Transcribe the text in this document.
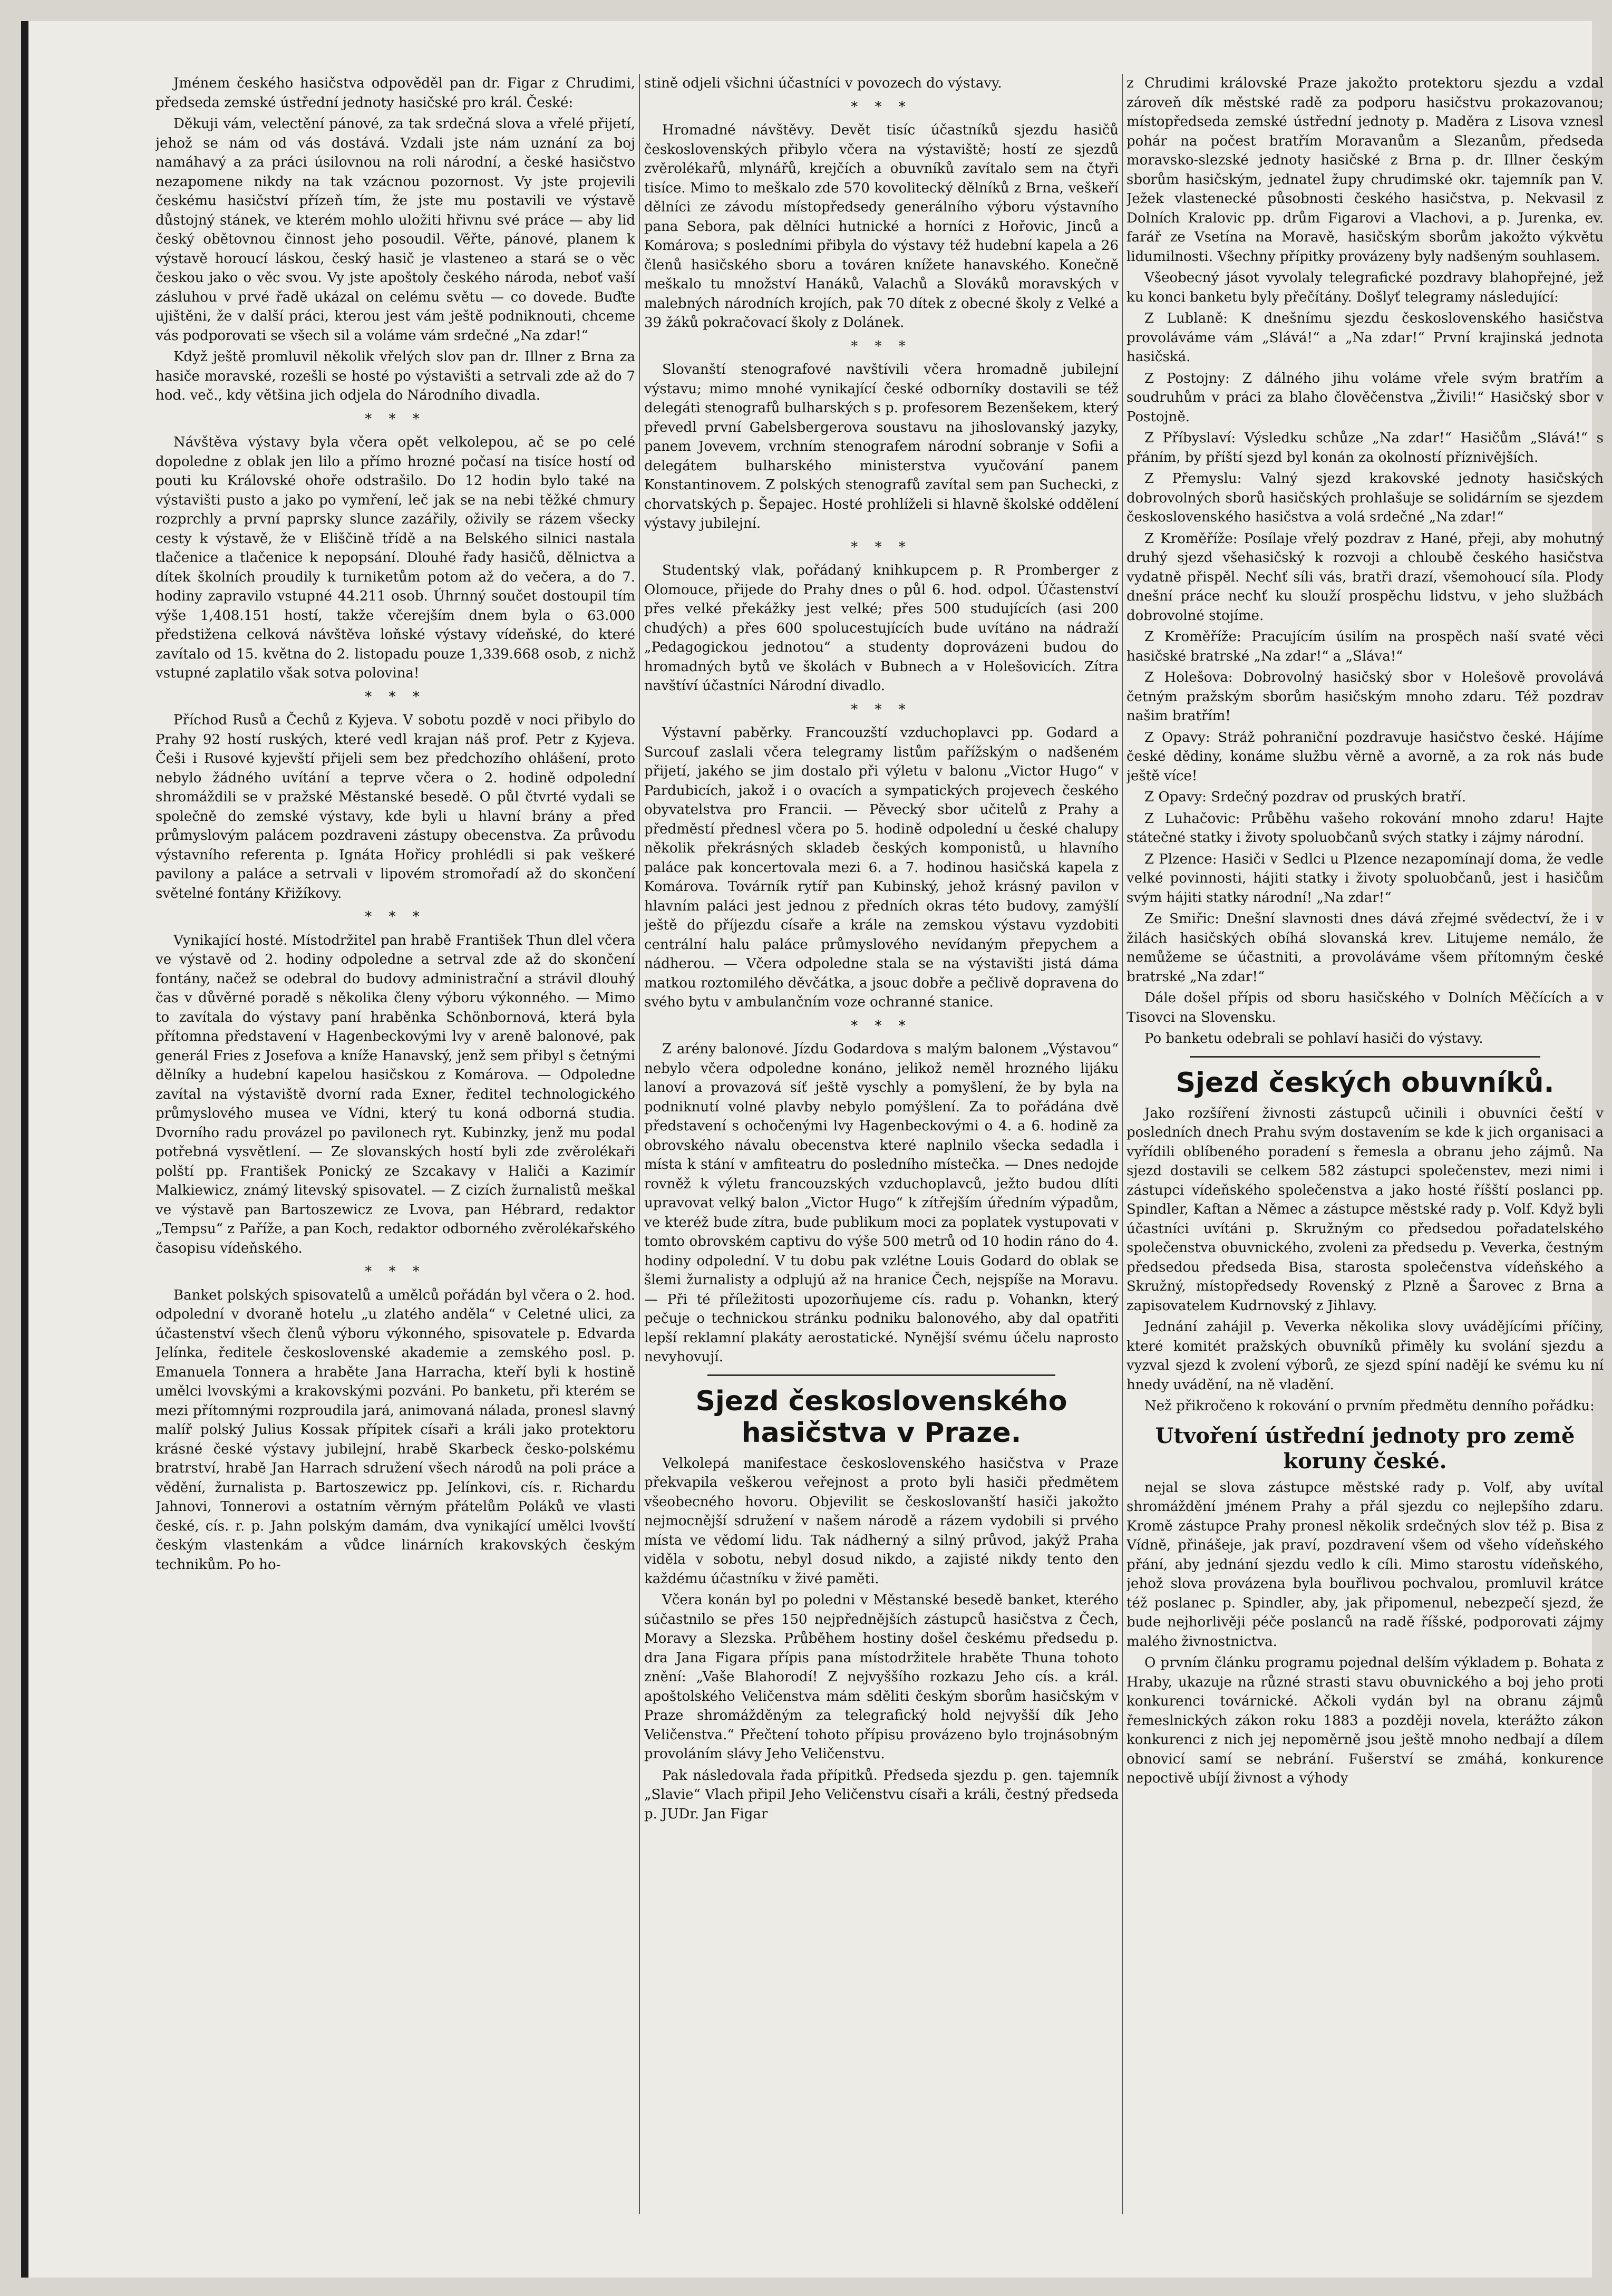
Jménem českého hasičstva odpověděl pan dr. Figar z Chrudimi, předseda zemské ústřední jednoty hasičské pro král. České:

Děkuji vám, velectění pánové, za tak srdečná slova a vřelé přijetí, jehož se nám od vás dostává. Vzdali jste nám uznání za boj namáhavý a za práci úsilovnou na roli národní, a české hasičstvo nezapomene nikdy na tak vzácnou pozornost. Vy jste projevili českému hasičství přízeň tím, že jste mu postavili ve výstavě důstojný stánek, ve kterém mohlo uložiti hřivnu své práce — aby lid český obětovnou činnost jeho posoudil. Věřte, pánové, planem k výstavě horoucí láskou, český hasič je vlasteneo a stará se o věc českou jako o věc svou. Vy jste apoštoly českého národa, neboť vaší zásluhou v prvé řadě ukázal on celému světu — co dovede. Buďte ujištěni, že v další práci, kterou jest vám ještě podniknouti, chceme vás podporovati se všech sil a voláme vám srdečné „Na zdar!“

Když ještě promluvil několik vřelých slov pan dr. Illner z Brna za hasiče moravské, rozešli se hosté po výstavišti a setrvali zde až do 7 hod. več., kdy většina jich odjela do Národního divadla.

* * *

Návštěva výstavy byla včera opět velkolepou, ač se po celé dopoledne z oblak jen lilo a přímo hrozné počasí na tisíce hostí od pouti ku Královské ohoře odstrašilo. Do 12 hodin bylo také na výstavišti pusto a jako po vymření, leč jak se na nebi těžké chmury rozprchly a první paprsky slunce zazářily, oživily se rázem všecky cesty k výstavě, že v Eliščině třídě a na Belského silnici nastala tlačenice a tlačenice k nepopsání. Dlouhé řady hasičů, dělnictva a dítek školních proudily k turniketům potom až do večera, a do 7. hodiny zapravilo vstupné 44.211 osob. Úhrnný součet dostoupil tím výše 1,408.151 hostí, takže včerejším dnem byla o 63.000 předstižena celková návštěva loňské výstavy vídeňské, do které zavítalo od 15. května do 2. listopadu pouze 1,339.668 osob, z nichž vstupné zaplatilo však sotva polovina!

* * *

Příchod Rusů a Čechů z Kyjeva. V sobotu pozdě v noci přibylo do Prahy 92 hostí ruských, které vedl krajan náš prof. Petr z Kyjeva. Češi i Rusové kyjevští přijeli sem bez předchozího ohlášení, proto nebylo žádného uvítání a teprve včera o 2. hodině odpolední shromáždili se v pražské Městanské besedě. O půl čtvrté vydali se společně do zemské výstavy, kde byli u hlavní brány a před průmyslovým palácem pozdraveni zástupy obecenstva. Za průvodu výstavního referenta p. Ignáta Hořicy prohlédli si pak veškeré pavilony a paláce a setrvali v lipovém stromořadí až do skončení světelné fontány Křižíkovy.

* * *

Vynikající hosté. Místodržitel pan hrabě František Thun dlel včera ve výstavě od 2. hodiny odpoledne a setrval zde až do skončení fontány, načež se odebral do budovy administrační a strávil dlouhý čas v důvěrné poradě s několika členy výboru výkonného. — Mimo to zavítala do výstavy paní hraběnka Schönbornová, která byla přítomna představení v Hagenbeckovými lvy v areně balonové, pak generál Fries z Josefova a kníže Hanavský, jenž sem přibyl s četnými dělníky a hudební kapelou hasičskou z Komárova. — Odpoledne zavítal na výstaviště dvorní rada Exner, ředitel technologického průmyslového musea ve Vídni, který tu koná odborná studia. Dvorního radu provázel po pavilonech ryt. Kubinzky, jenž mu podal potřebná vysvětlení. — Ze slovanských hostí byli zde zvěrolékaři polští pp. František Ponický ze Szcakavy v Haliči a Kazimír Malkiewicz, známý litevský spisovatel. — Z cizích žurnalistů meškal ve výstavě pan Bartoszewicz ze Lvova, pan Hébrard, redaktor „Tempsu“ z Paříže, a pan Koch, redaktor odborného zvěrolékařského časopisu vídeňského.

* * *

Banket polských spisovatelů a umělců pořádán byl včera o 2. hod. odpolední v dvoraně hotelu „u zlatého anděla“ v Celetné ulici, za účastenství všech členů výboru výkonného, spisovatele p. Edvarda Jelínka, ředitele československé akademie a zemského posl. p. Emanuela Tonnera a hraběte Jana Harracha, kteří byli k hostině umělci lvovskými a krakovskými pozváni. Po banketu, při kterém se mezi přítomnými rozproudila jará, animovaná nálada, pronesl slavný malíř polský Julius Kossak přípitek císaři a králi jako protektoru krásné české výstavy jubilejní, hrabě Skarbeck česko-polskému bratrství, hrabě Jan Harrach sdružení všech národů na poli práce a vědění, žurnalista p. Bartoszewicz pp. Jelínkovi, cís. r. Richardu Jahnovi, Tonnerovi a ostatním věrným přátelům Poláků ve vlasti české, cís. r. p. Jahn polským damám, dva vynikající umělci lvovští českým vlastenkám a vůdce linárních krakovských českým technikům. Po ho-

stině odjeli všichni účastníci v povozech do výstavy.

* * *

Hromadné návštěvy. Devět tisíc účastníků sjezdu hasičů československých přibylo včera na výstaviště; hostí ze sjezdů zvěrolékařů, mlynářů, krejčích a obuvníků zavítalo sem na čtyři tisíce. Mimo to meškalo zde 570 kovolitecký dělníků z Brna, veškeří dělníci ze závodu místopředsedy generálního výboru výstavního pana Sebora, pak dělníci hutnické a horníci z Hořovic, Jinců a Komárova; s posledními přibyla do výstavy též hudební kapela a 26 členů hasičského sboru a továren knížete hanavského. Konečně meškalo tu množství Hanáků, Valachů a Slováků moravských v malebných národních krojích, pak 70 dítek z obecné školy z Velké a 39 žáků pokračovací školy z Dolánek.

* * *

Slovanští stenografové navštívili včera hromadně jubilejní výstavu; mimo mnohé vynikající české odborníky dostavili se též delegáti stenografů bulharských s p. profesorem Bezenšekem, který převedl první Gabelsbergerova soustavu na jihoslovanský jazyky, panem Jovevem, vrchním stenografem národní sobranje v Sofii a delegátem bulharského ministerstva vyučování panem Konstantinovem. Z polských stenografů zavítal sem pan Suchecki, z chorvatských p. Šepajec. Hosté prohlíželi si hlavně školské oddělení výstavy jubilejní.

* * *

Studentský vlak, pořádaný knihkupcem p. R Promberger z Olomouce, přijede do Prahy dnes o půl 6. hod. odpol. Účastenství přes velké překážky jest velké; přes 500 studujících (asi 200 chudých) a přes 600 spolucestujících bude uvítáno na nádraží „Pedagogickou jednotou“ a studenty doprovázeni budou do hromadných bytů ve školách v Bubnech a v Holešovicích. Zítra navštíví účastníci Národní divadlo.

* * *

Výstavní paběrky. Francouzští vzduchoplavci pp. Godard a Surcouf zaslali včera telegramy listům pařížským o nadšeném přijetí, jakého se jim dostalo při výletu v balonu „Victor Hugo“ v Pardubicích, jakož i o ovacích a sympatických projevech českého obyvatelstva pro Francii. — Pěvecký sbor učitelů z Prahy a předměstí přednesl včera po 5. hodině odpolední u české chalupy několik překrásných skladeb českých komponistů, u hlavního paláce pak koncertovala mezi 6. a 7. hodinou hasičská kapela z Komárova. Továrník rytíř pan Kubinský, jehož krásný pavilon v hlavním paláci jest jednou z předních okras této budovy, zamýšlí ještě do příjezdu císaře a krále na zemskou výstavu vyzdobiti centrální halu paláce průmyslového nevídaným přepychem a nádherou. — Včera odpoledne stala se na výstavišti jistá dáma matkou roztomilého děvčátka, a jsouc dobře a pečlivě dopravena do svého bytu v ambulančním voze ochranné stanice.

* * *

Z arény balonové. Jízdu Godardova s malým balonem „Výstavou“ nebylo včera odpoledne konáno, jelikož neměl hrozného lijáku lanoví a provazová síť ještě vyschly a pomyšlení, že by byla na podniknutí volné plavby nebylo pomýšlení. Za to pořádána dvě představení s ochočenými lvy Hagenbeckovými o 4. a 6. hodině za obrovského návalu obecenstva které naplnilo všecka sedadla i místa k stání v amfiteatru do posledního místečka. — Dnes nedojde rovněž k výletu francouzských vzduchoplavců, ježto budou dlíti upravovat velký balon „Victor Hugo“ k zítřejším úředním výpadům, ve kteréž bude zítra, bude publikum moci za poplatek vystupovati v tomto obrovském captivu do výše 500 metrů od 10 hodin ráno do 4. hodiny odpolední. V tu dobu pak vzlétne Louis Godard do oblak se šlemi žurnalisty a odplujú až na hranice Čech, nejspíše na Moravu. — Při té příležitosti upozorňujeme cís. radu p. Vohankn, který pečuje o technickou stránku podniku balonového, aby dal opatřiti lepší reklamní plakáty aerostatické. Nynější svému účelu naprosto nevyhovují.

Sjezd československého hasičstva v Praze.

Velkolepá manifestace československého hasičstva v Praze překvapila veškerou veřejnost a proto byli hasiči předmětem všeobecného hovoru. Objevilit se českoslovanští hasiči jakožto nejmocnější sdružení v našem národě a rázem vydobili si prvého místa ve vědomí lidu. Tak nádherný a silný průvod, jakýž Praha viděla v sobotu, nebyl dosud nikdo, a zajisté nikdy tento den každému účastníku v živé paměti.

Včera konán byl po poledni v Městanské besedě banket, kterého súčastnilo se přes 150 nejpřednějších zástupců hasičstva z Čech, Moravy a Slezska. Průběhem hostiny došel českému předsedu p. dra Jana Figara přípis pana místodržitele hraběte Thuna tohoto znění: „Vaše Blahorodí! Z nejvyššího rozkazu Jeho cís. a král. apoštolského Veličenstva mám sděliti českým sborům hasičským v Praze shromážděným za telegrafický hold nejvyšší dík Jeho Veličenstva.“ Přečtení tohoto přípisu provázeno bylo trojnásobným provoláním slávy Jeho Veličenstvu.

Pak následovala řada přípitků. Předseda sjezdu p. gen. tajemník „Slavie“ Vlach připil Jeho Veličenstvu císaři a králi, čestný předseda p. JUDr. Jan Figar

z Chrudimi královské Praze jakožto protektoru sjezdu a vzdal zároveň dík městské radě za podporu hasičstvu prokazovanou; místopředseda zemské ústřední jednoty p. Maděra z Lisova vznesl pohár na počest bratřím Moravanům a Slezanům, předseda moravsko-slezské jednoty hasičské z Brna p. dr. Illner českým sborům hasičským, jednatel župy chrudimské okr. tajemník pan V. Ježek vlastenecké působnosti českého hasičstva, p. Nekvasil z Dolních Kralovic pp. drům Figarovi a Vlachovi, a p. Jurenka, ev. farář ze Vsetína na Moravě, hasičským sborům jakožto výkvětu lidumilnosti. Všechny přípitky provázeny byly nadšeným souhlasem.

Všeobecný jásot vyvolaly telegrafické pozdravy blahopřejné, jež ku konci banketu byly přečítány. Došlyť telegramy následující:

Z Lublaně: K dnešnímu sjezdu československého hasičstva provoláváme vám „Slává!“ a „Na zdar!“ První krajinská jednota hasičská.

Z Postojny: Z dálného jihu voláme vřele svým bratřím a soudruhům v práci za blaho člověčenstva „Živili!“ Hasičský sbor v Postojně.

Z Příbyslaví: Výsledku schůze „Na zdar!“ Hasičům „Slává!“ s přáním, by příští sjezd byl konán za okolností příznivějších.

Z Přemyslu: Valný sjezd krakovské jednoty hasičských dobrovolných sborů hasičských prohlašuje se solidárním se sjezdem československého hasičstva a volá srdečné „Na zdar!“

Z Kroměříže: Posílaje vřelý pozdrav z Hané, přeji, aby mohutný druhý sjezd všehasičský k rozvoji a chloubě českého hasičstva vydatně přispěl. Nechť síli vás, bratři drazí, všemohoucí síla. Plody dnešní práce nechť ku slouží prospěchu lidstvu, v jeho službách dobrovolné stojíme.

Z Kroměříže: Pracujícím úsilím na prospěch naší svaté věci hasičské bratrské „Na zdar!“ a „Sláva!“

Z Holešova: Dobrovolný hasičský sbor v Holešově provolává četným pražským sborům hasičským mnoho zdaru. Též pozdrav našim bratřím!

Z Opavy: Stráž pohraniční pozdravuje hasičstvo české. Hájíme české dědiny, konáme službu věrně a avorně, a za rok nás bude ještě více!

Z Opavy: Srdečný pozdrav od pruských bratří.

Z Luhačovic: Průběhu vašeho rokování mnoho zdaru! Hajte státečné statky i životy spoluobčanů svých statky i zájmy národní.

Z Plzence: Hasiči v Sedlci u Plzence nezapomínají doma, že vedle velké povinnosti, hájiti statky i životy spoluobčanů, jest i hasičům svým hájiti statky národní! „Na zdar!“

Ze Smiřic: Dnešní slavnosti dnes dává zřejmé svědectví, že i v žilách hasičských obíhá slovanská krev. Litujeme nemálo, že nemůžeme se účastniti, a provoláváme všem přítomným české bratrské „Na zdar!“

Dále došel přípis od sboru hasičského v Dolních Měčících a v Tisovci na Slovensku.

Po banketu odebrali se pohlaví hasiči do výstavy.

Sjezd českých obuvníků.

Jako rozšíření živnosti zástupců učinili i obuvníci čeští v posledních dnech Prahu svým dostavením se kde k jich organisaci a vyřídili oblíbeného poradení s řemesla a obranu jeho zájmů. Na sjezd dostavili se celkem 582 zástupci společenstev, mezi nimi i zástupci vídeňského společenstva a jako hosté říšští poslanci pp. Spindler, Kaftan a Němec a zástupce městské rady p. Volf. Když byli účastníci uvítáni p. Skružným co předsedou pořadatelského společenstva obuvnického, zvoleni za předsedu p. Veverka, čestným předsedou předseda Bisa, starosta společenstva vídeňského a Skružný, místopředsedy Rovenský z Plzně a Šarovec z Brna a zapisovatelem Kudrnovský z Jihlavy.

Jednání zahájil p. Veverka několika slovy uvádějícími příčiny, které komitét pražských obuvníků přiměly ku svolání sjezdu a vyzval sjezd k zvolení výborů, ze sjezd spíní nadějí ke svému ku ní hnedy uvádění, na ně vladění.

Než přikročeno k rokování o prvním předmětu denního pořádku:

Utvoření ústřední jednoty pro země koruny české.

nejal se slova zástupce městské rady p. Volf, aby uvítal shromáždění jménem Prahy a přál sjezdu co nejlepšího zdaru. Kromě zástupce Prahy pronesl několik srdečných slov též p. Bisa z Vídně, přinášeje, jak praví, pozdravení všem od všeho vídeňského přání, aby jednání sjezdu vedlo k cíli. Mimo starostu vídeňského, jehož slova provázena byla bouřlivou pochvalou, promluvil krátce též poslanec p. Spindler, aby, jak připomenul, nebezpečí sjezd, že bude nejhorlivěji péče poslanců na radě říšské, podporovati zájmy malého živnostnictva.

O prvním článku programu pojednal delším výkladem p. Bohata z Hraby, ukazuje na různé strasti stavu obuvnického a boj jeho proti konkurenci továrnické. Ačkoli vydán byl na obranu zájmů řemeslnických zákon roku 1883 a později novela, kterážto zákon konkurenci z nich jej nepoměrně jsou ještě mnoho nedbají a dílem obnovicí samí se nebrání. Fušerství se zmáhá, konkurence nepoctivě ubíjí živnost a výhody
